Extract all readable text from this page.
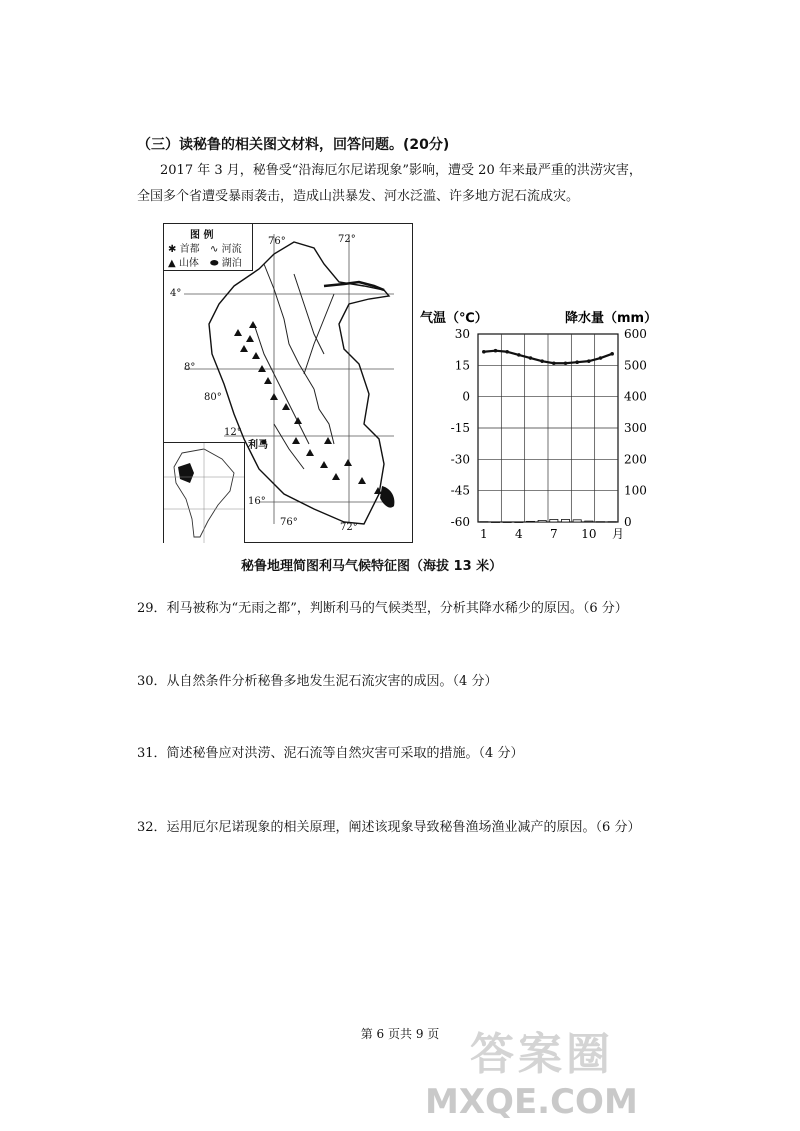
（三）读秘鲁的相关图文材料，回答问题。(20分)
2017 年 3 月，秘鲁受“沿海厄尔尼诺现象”影响，遭受 20 年来最严重的洪涝灾害，
全国多个省遭受暴雨袭击，造成山洪暴发、河水泛滥、许多地方泥石流成灾。
图 例
✱ 首都 ∿ 河流
▲ 山体 ⬬ 湖泊
76°	72°
4°
8°
80°
12°
利马
16°
76°	72°
气温（℃）	降水量（mm）
30
15
0
-15
-30
-45
-60
600
500
400
300
200
100
0
1 4 7 10 月
秘鲁地理简图利马气候特征图（海拔 13 米）
29．利马被称为“无雨之都”，判断利马的气候类型，分析其降水稀少的原因。（6 分）
30．从自然条件分析秘鲁多地发生泥石流灾害的成因。（4 分）
31．简述秘鲁应对洪涝、泥石流等自然灾害可采取的措施。（4 分）
32．运用厄尔尼诺现象的相关原理，阐述该现象导致秘鲁渔场渔业减产的原因。（6 分）
第 6 页共 9 页 答案圈
MXQE.COM
